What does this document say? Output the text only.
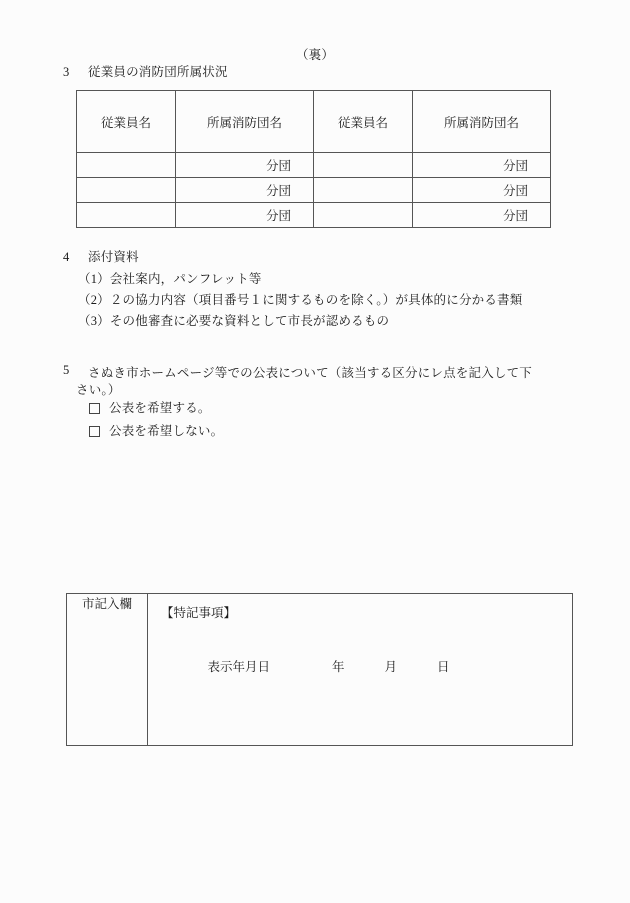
（裏）
3 従業員の消防団所属状況
従業員名	所属消防団名	従業員名	所属消防団名
	分団		分団
	分団		分団
	分団		分団
4 添付資料
（1）会社案内，パンフレット等
（2）２の協力内容（項目番号１に関するものを除く。）が具体的に分かる書類
（3）その他審査に必要な資料として市長が認めるもの
5 さぬき市ホームページ等での公表について（該当する区分にレ点を記入して下
さい。）
公表を希望する。
公表を希望しない。
市記入欄	
【特記事項】

表示年月日	年	月	日
